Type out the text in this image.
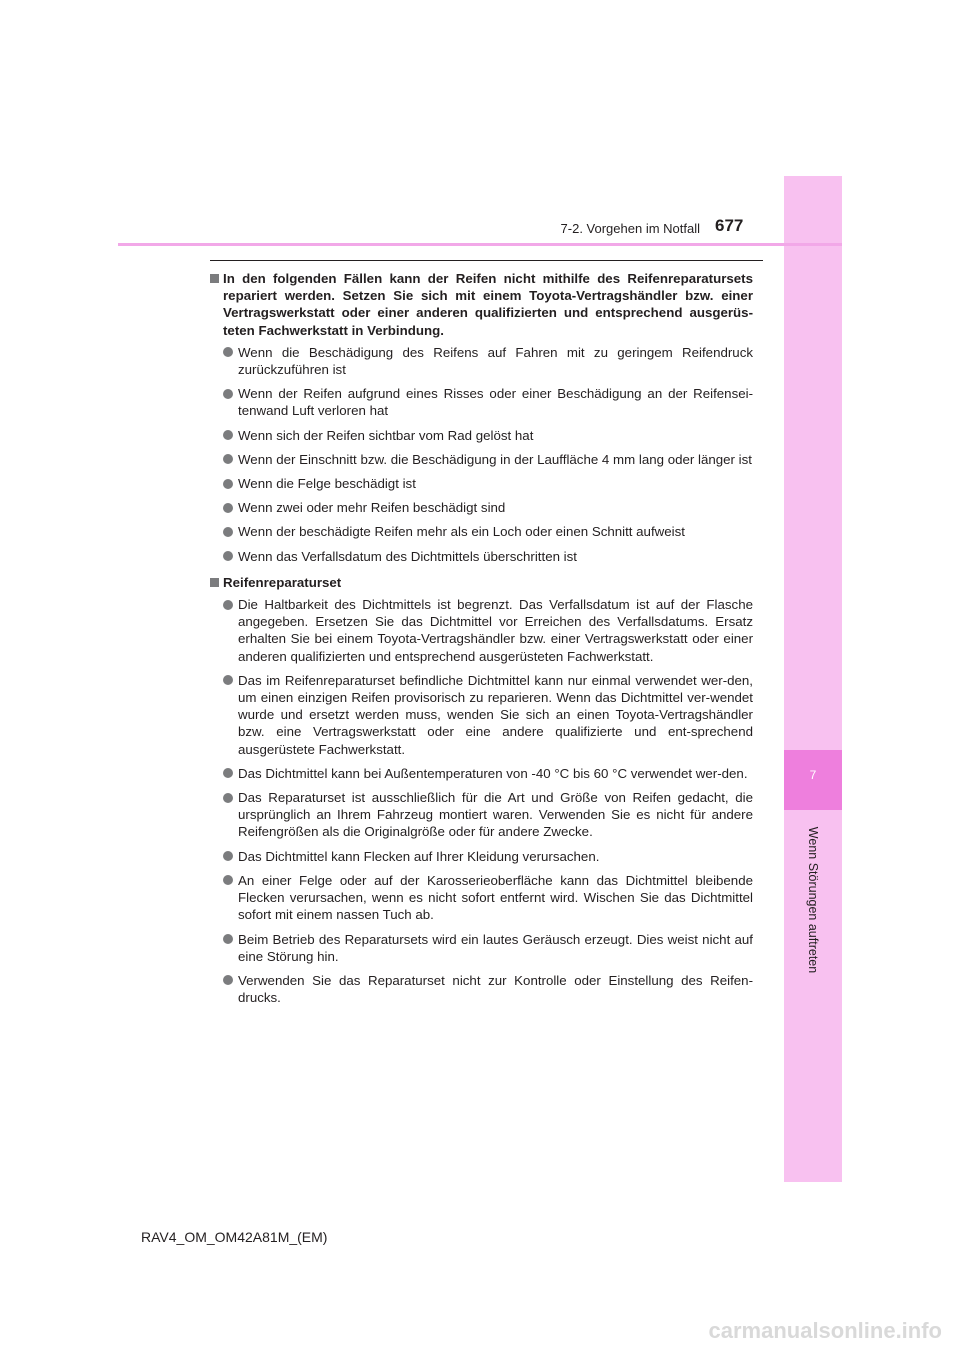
7
Wenn Störungen auftreten
7-2. Vorgehen im Notfall 677
In den folgenden Fällen kann der Reifen nicht mithilfe des Reifenreparatursets repariert werden. Setzen Sie sich mit einem Toyota-Vertragshändler bzw. einer Vertragswerkstatt oder einer anderen qualifizierten und entsprechend ausgerüs-teten Fachwerkstatt in Verbindung.
Wenn die Beschädigung des Reifens auf Fahren mit zu geringem Reifendruck zurückzuführen ist
Wenn der Reifen aufgrund eines Risses oder einer Beschädigung an der Reifensei-tenwand Luft verloren hat
Wenn sich der Reifen sichtbar vom Rad gelöst hat
Wenn der Einschnitt bzw. die Beschädigung in der Lauffläche 4 mm lang oder länger ist
Wenn die Felge beschädigt ist
Wenn zwei oder mehr Reifen beschädigt sind
Wenn der beschädigte Reifen mehr als ein Loch oder einen Schnitt aufweist
Wenn das Verfallsdatum des Dichtmittels überschritten ist
Reifenreparaturset
Die Haltbarkeit des Dichtmittels ist begrenzt. Das Verfallsdatum ist auf der Flasche angegeben. Ersetzen Sie das Dichtmittel vor Erreichen des Verfallsdatums. Ersatz erhalten Sie bei einem Toyota-Vertragshändler bzw. einer Vertragswerkstatt oder einer anderen qualifizierten und entsprechend ausgerüsteten Fachwerkstatt.
Das im Reifenreparaturset befindliche Dichtmittel kann nur einmal verwendet wer-den, um einen einzigen Reifen provisorisch zu reparieren. Wenn das Dichtmittel ver-wendet wurde und ersetzt werden muss, wenden Sie sich an einen Toyota-Vertragshändler bzw. eine Vertragswerkstatt oder eine andere qualifizierte und ent-sprechend ausgerüstete Fachwerkstatt.
Das Dichtmittel kann bei Außentemperaturen von -40 °C bis 60 °C verwendet wer-den.
Das Reparaturset ist ausschließlich für die Art und Größe von Reifen gedacht, die ursprünglich an Ihrem Fahrzeug montiert waren. Verwenden Sie es nicht für andere Reifengrößen als die Originalgröße oder für andere Zwecke.
Das Dichtmittel kann Flecken auf Ihrer Kleidung verursachen.
An einer Felge oder auf der Karosserieoberfläche kann das Dichtmittel bleibende Flecken verursachen, wenn es nicht sofort entfernt wird. Wischen Sie das Dichtmittel sofort mit einem nassen Tuch ab.
Beim Betrieb des Reparatursets wird ein lautes Geräusch erzeugt. Dies weist nicht auf eine Störung hin.
Verwenden Sie das Reparaturset nicht zur Kontrolle oder Einstellung des Reifen-drucks.
RAV4_OM_OM42A81M_(EM)
carmanualsonline.info
